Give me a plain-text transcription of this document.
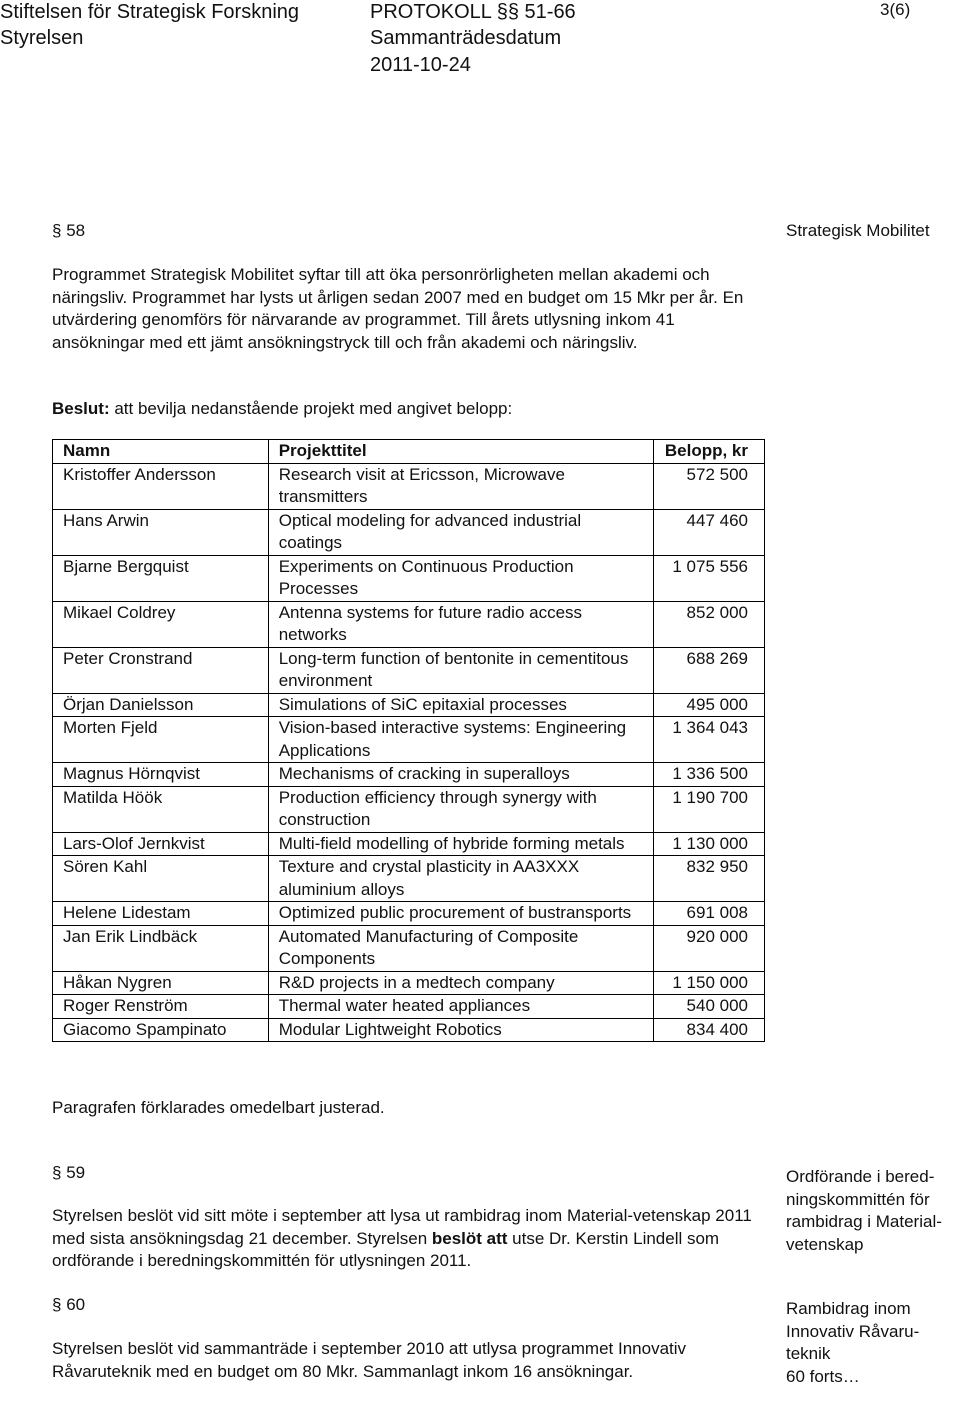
Stiftelsen för Strategisk Forskning	PROTOKOLL §§ 51-66	3(6)
Styrelsen	Sammanträdesdatum
2011-10-24
§ 58	Strategisk Mobilitet
Programmet Strategisk Mobilitet syftar till att öka personrörligheten mellan akademi och näringsliv. Programmet har lysts ut årligen sedan 2007 med en budget om 15 Mkr per år. En utvärdering genomförs för närvarande av programmet. Till årets utlysning inkom 41 ansökningar med ett jämt ansökningstryck till och från akademi och näringsliv.
Beslut: att bevilja nedanstående projekt med angivet belopp:
Namn	Projekttitel	Belopp, kr
Kristoffer Andersson	Research visit at Ericsson, Microwave transmitters	572 500
Hans Arwin	Optical modeling for advanced industrial coatings	447 460
Bjarne Bergquist	Experiments on Continuous Production Processes	1 075 556
Mikael Coldrey	Antenna systems for future radio access networks	852 000
Peter Cronstrand	Long-term function of bentonite in cementitous environment	688 269
Örjan Danielsson	Simulations of SiC epitaxial processes	495 000
Morten Fjeld	Vision-based interactive systems: Engineering Applications	1 364 043
Magnus Hörnqvist	Mechanisms of cracking in superalloys	1 336 500
Matilda Höök	Production efficiency through synergy with construction	1 190 700
Lars-Olof Jernkvist	Multi-field modelling of hybride forming metals	1 130 000
Sören Kahl	Texture and crystal plasticity in AA3XXX aluminium alloys	832 950
Helene Lidestam	Optimized public procurement of bustransports	691 008
Jan Erik Lindbäck	Automated Manufacturing of Composite Components	920 000
Håkan Nygren	R&D projects in a medtech company	1 150 000
Roger Renström	Thermal water heated appliances	540 000
Giacomo Spampinato	Modular Lightweight Robotics	834 400
Paragrafen förklarades omedelbart justerad.
§ 59	Ordförande i bered-
ningskommittén för
rambidrag i Material-
vetenskap
Styrelsen beslöt vid sitt möte i september att lysa ut rambidrag inom Material-vetenskap 2011 med sista ansökningsdag 21 december. Styrelsen beslöt att utse Dr. Kerstin Lindell som ordförande i beredningskommittén för utlysningen 2011.
§ 60	Rambidrag inom
Innovativ Råvaru-
teknik
60 forts…
Styrelsen beslöt vid sammanträde i september 2010 att utlysa programmet Innovativ Råvaruteknik med en budget om 80 Mkr. Sammanlagt inkom 16 ansökningar.
